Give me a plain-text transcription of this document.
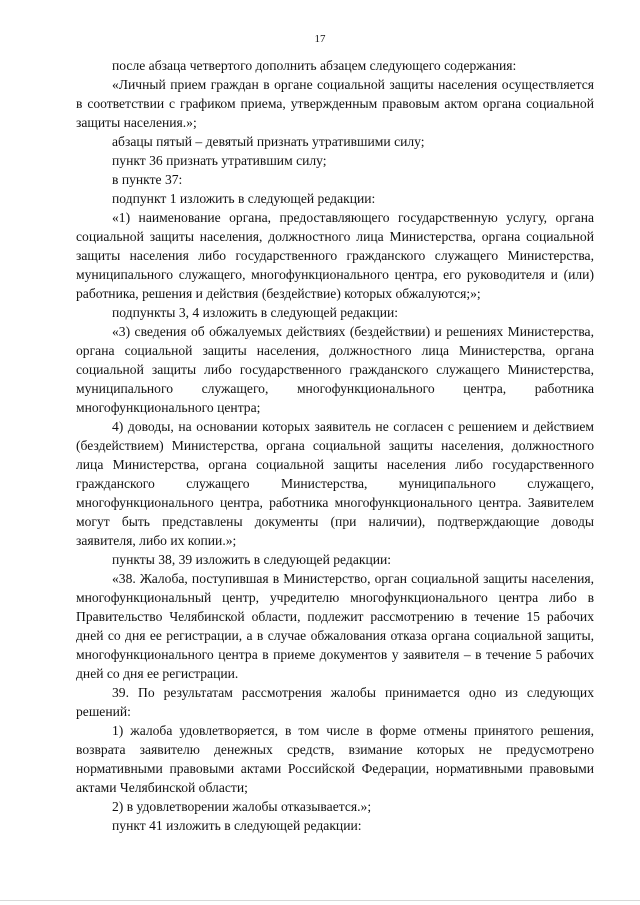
17

после абзаца четвертого дополнить абзацем следующего содержания:

«Личный прием граждан в органе социальной защиты населения осуществляется в соответствии с графиком приема, утвержденным правовым актом органа социальной защиты населения.»;

абзацы пятый – девятый признать утратившими силу;

пункт 36 признать утратившим силу;

в пункте 37:

подпункт 1 изложить в следующей редакции:

«1) наименование органа, предоставляющего государственную услугу, органа социальной защиты населения, должностного лица Министерства, органа социальной защиты населения либо государственного гражданского служащего Министерства, муниципального служащего, многофункционального центра, его руководителя и (или) работника, решения и действия (бездействие) которых обжалуются;»;

подпункты 3, 4 изложить в следующей редакции:

«3) сведения об обжалуемых действиях (бездействии) и решениях Министерства, органа социальной защиты населения, должностного лица Министерства, органа социальной защиты либо государственного гражданского служащего Министерства, муниципального служащего, многофункционального центра, работника многофункционального центра;

4) доводы, на основании которых заявитель не согласен с решением и действием (бездействием) Министерства, органа социальной защиты населения, должностного лица Министерства, органа социальной защиты населения либо государственного гражданского служащего Министерства, муниципального служащего, многофункционального центра, работника многофункционального центра. Заявителем могут быть представлены документы (при наличии), подтверждающие доводы заявителя, либо их копии.»;

пункты 38, 39 изложить в следующей редакции:

«38. Жалоба, поступившая в Министерство, орган социальной защиты населения, многофункциональный центр, учредителю многофункционального центра либо в Правительство Челябинской области, подлежит рассмотрению в течение 15 рабочих дней со дня ее регистрации, а в случае обжалования отказа органа социальной защиты, многофункционального центра в приеме документов у заявителя – в течение 5 рабочих дней со дня ее регистрации.

39. По результатам рассмотрения жалобы принимается одно из следующих решений:

1) жалоба удовлетворяется, в том числе в форме отмены принятого решения, возврата заявителю денежных средств, взимание которых не предусмотрено нормативными правовыми актами Российской Федерации, нормативными правовыми актами Челябинской области;

2) в удовлетворении жалобы отказывается.»;

пункт 41 изложить в следующей редакции:
